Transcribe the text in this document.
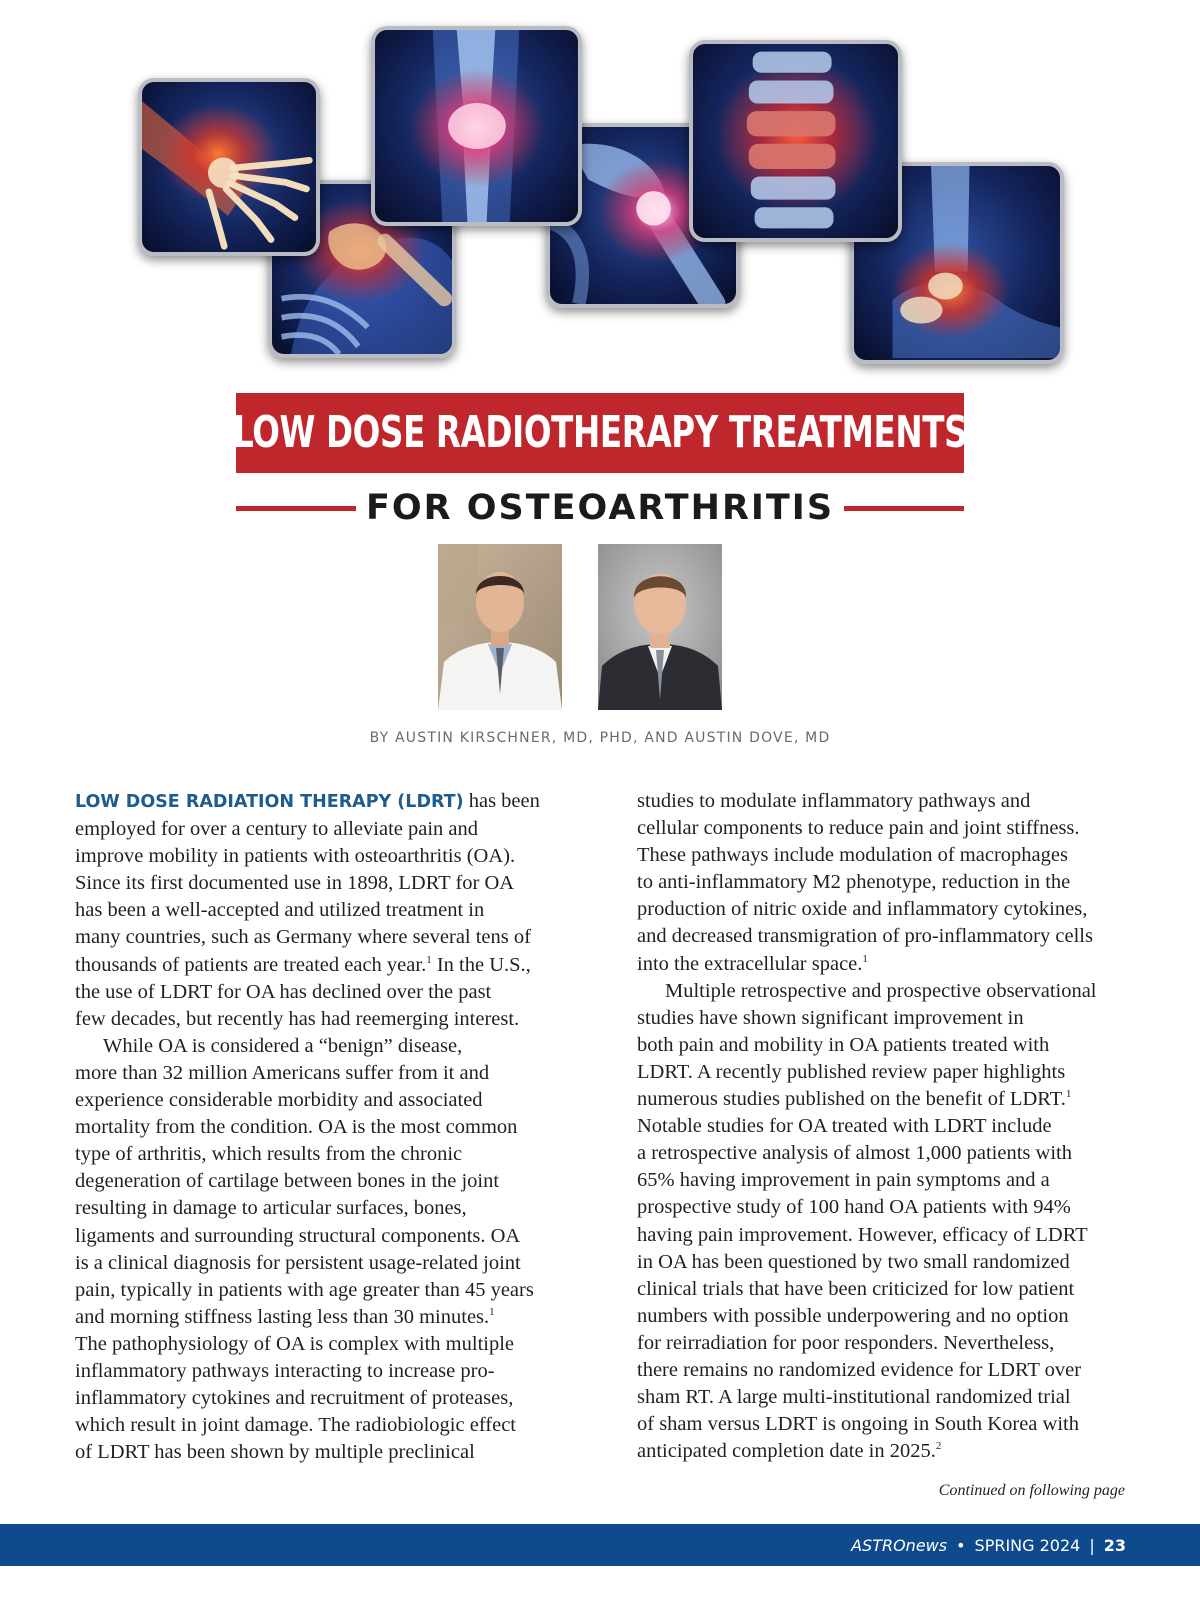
LOW DOSE RADIOTHERAPY TREATMENTS
FOR OSTEOARTHRITIS
BY AUSTIN KIRSCHNER, MD, PHD, AND AUSTIN DOVE, MD

LOW DOSE RADIATION THERAPY (LDRT) has been

employed for over a century to alleviate pain and

improve mobility in patients with osteoarthritis (OA).

Since its first documented use in 1898, LDRT for OA

has been a well-accepted and utilized treatment in

many countries, such as Germany where several tens of

thousands of patients are treated each year.$^1$ In the U.S.,

the use of LDRT for OA has declined over the past

few decades, but recently has had reemerging interest.

While OA is considered a “benign” disease,

more than 32 million Americans suffer from it and

experience considerable morbidity and associated

mortality from the condition. OA is the most common

type of arthritis, which results from the chronic

degeneration of cartilage between bones in the joint

resulting in damage to articular surfaces, bones,

ligaments and surrounding structural components. OA

is a clinical diagnosis for persistent usage-related joint

pain, typically in patients with age greater than 45 years

and morning stiffness lasting less than 30 minutes.$^1$

The pathophysiology of OA is complex with multiple

inflammatory pathways interacting to increase pro-

inflammatory cytokines and recruitment of proteases,

which result in joint damage. The radiobiologic effect

of LDRT has been shown by multiple preclinical

studies to modulate inflammatory pathways and

cellular components to reduce pain and joint stiffness.

These pathways include modulation of macrophages

to anti-inflammatory M2 phenotype, reduction in the

production of nitric oxide and inflammatory cytokines,

and decreased transmigration of pro-inflammatory cells

into the extracellular space.$^1$

Multiple retrospective and prospective observational

studies have shown significant improvement in

both pain and mobility in OA patients treated with

LDRT. A recently published review paper highlights

numerous studies published on the benefit of LDRT.$^1$

Notable studies for OA treated with LDRT include

a retrospective analysis of almost 1,000 patients with

65% having improvement in pain symptoms and a

prospective study of 100 hand OA patients with 94%

having pain improvement. However, efficacy of LDRT

in OA has been questioned by two small randomized

clinical trials that have been criticized for low patient

numbers with possible underpowering and no option

for reirradiation for poor responders. Nevertheless,

there remains no randomized evidence for LDRT over

sham RT. A large multi-institutional randomized trial

of sham versus LDRT is ongoing in South Korea with

anticipated completion date in 2025.$^2$

Continued on following page
ASTROnews • SPRING 2024 | 23
